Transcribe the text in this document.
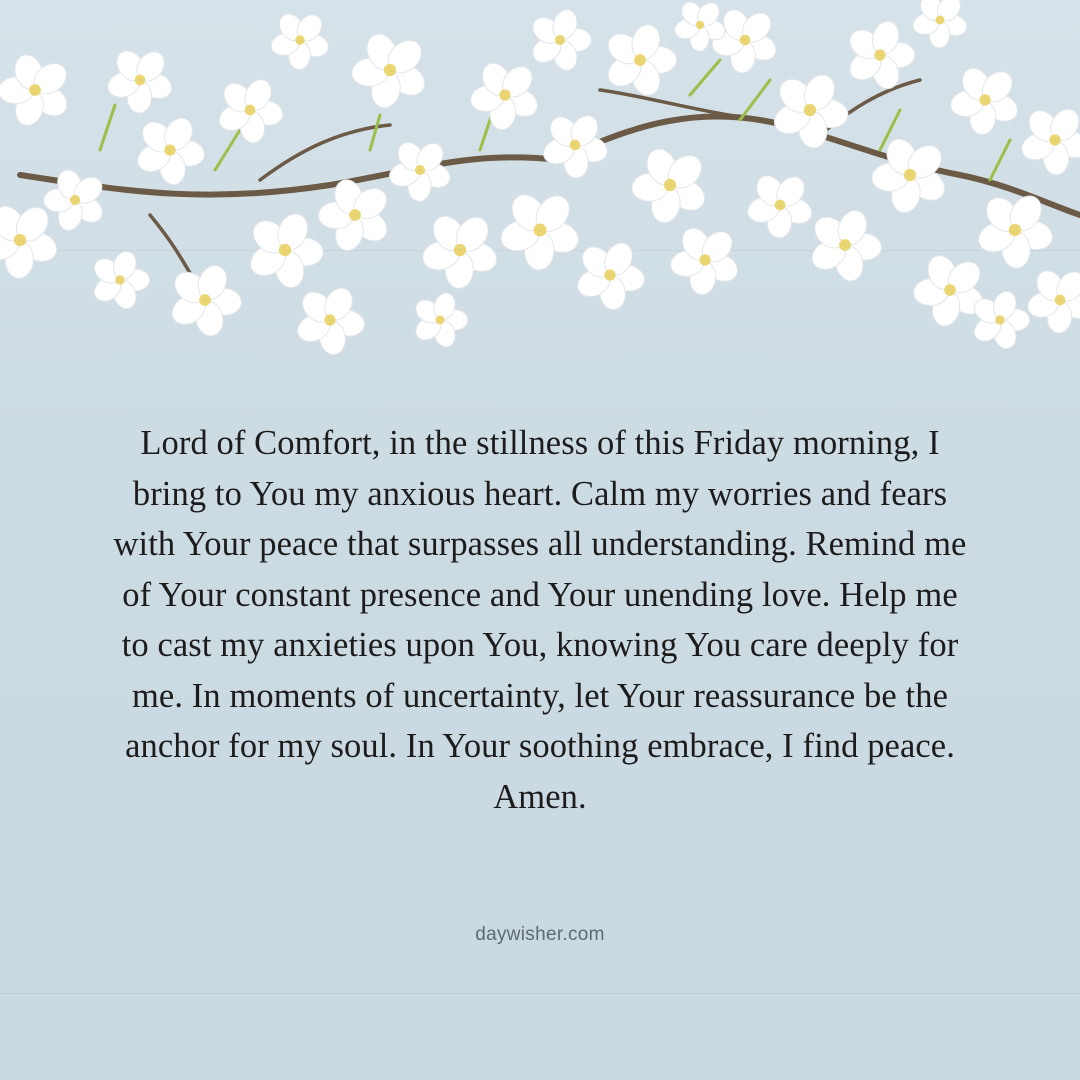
Lord of Comfort, in the stillness of this Friday morning, I bring to You my anxious heart. Calm my worries and fears with Your peace that surpasses all understanding. Remind me of Your constant presence and Your unending love. Help me to cast my anxieties upon You, knowing You care deeply for me. In moments of uncertainty, let Your reassurance be the anchor for my soul. In Your soothing embrace, I find peace. Amen.

daywisher.com
